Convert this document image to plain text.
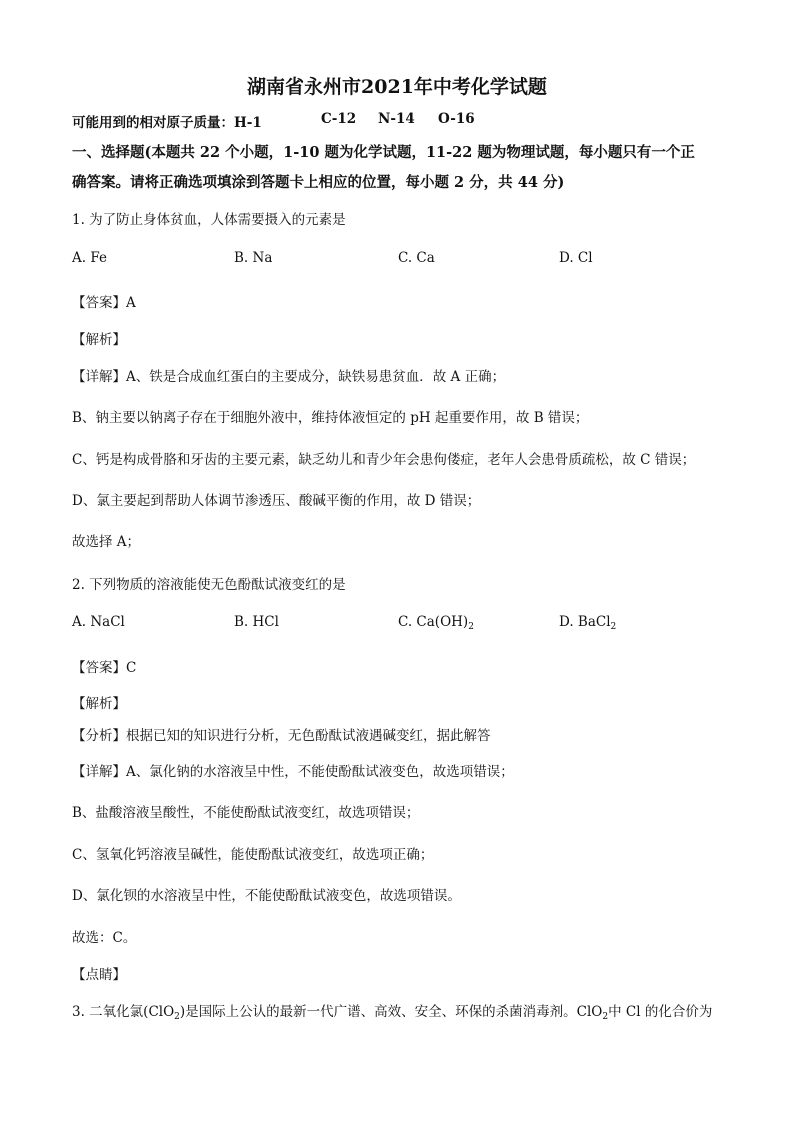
湖南省永州市2021年中考化学试题
可能用到的相对原子质量：H-1	C-12 N-14 O-16
一、选择题(本题共 22 个小题，1-10 题为化学试题，11-22 题为物理试题，每小题只有一个正
确答案。请将正确选项填涂到答题卡上相应的位置，每小题 2 分，共 44 分)
1. 为了防止身体贫血，人体需要摄入的元素是
A. Fe	B. Na	C. Ca	D. Cl
【答案】A
【解析】
【详解】A、铁是合成血红蛋白的主要成分，缺铁易患贫血．故 A 正确；
B、钠主要以钠离子存在于细胞外液中，维持体液恒定的 pH 起重要作用，故 B 错误；
C、钙是构成骨胳和牙齿的主要元素，缺乏幼儿和青少年会患佝偻症，老年人会患骨质疏松，故 C 错误；
D、氯主要起到帮助人体调节渗透压、酸碱平衡的作用，故 D 错误；
故选择 A；
2. 下列物质的溶液能使无色酚酞试液变红的是
A. NaCl	B. HCl	C. $Ca(OH)_2$	D. BaCl$_2$
【答案】C
【解析】
【分析】根据已知的知识进行分析，无色酚酞试液遇碱变红，据此解答
【详解】A、氯化钠的水溶液呈中性，不能使酚酞试液变色，故选项错误；
B、盐酸溶液呈酸性，不能使酚酞试液变红，故选项错误；
C、氢氧化钙溶液呈碱性，能使酚酞试液变红，故选项正确；
D、氯化钡的水溶液呈中性，不能使酚酞试液变色，故选项错误。
故选：C。
【点睛】
3. 二氧化氯(ClO$_2$)是国际上公认的最新一代广谱、高效、安全、环保的杀菌消毒剂。ClO$_2$中 Cl 的化合价为
